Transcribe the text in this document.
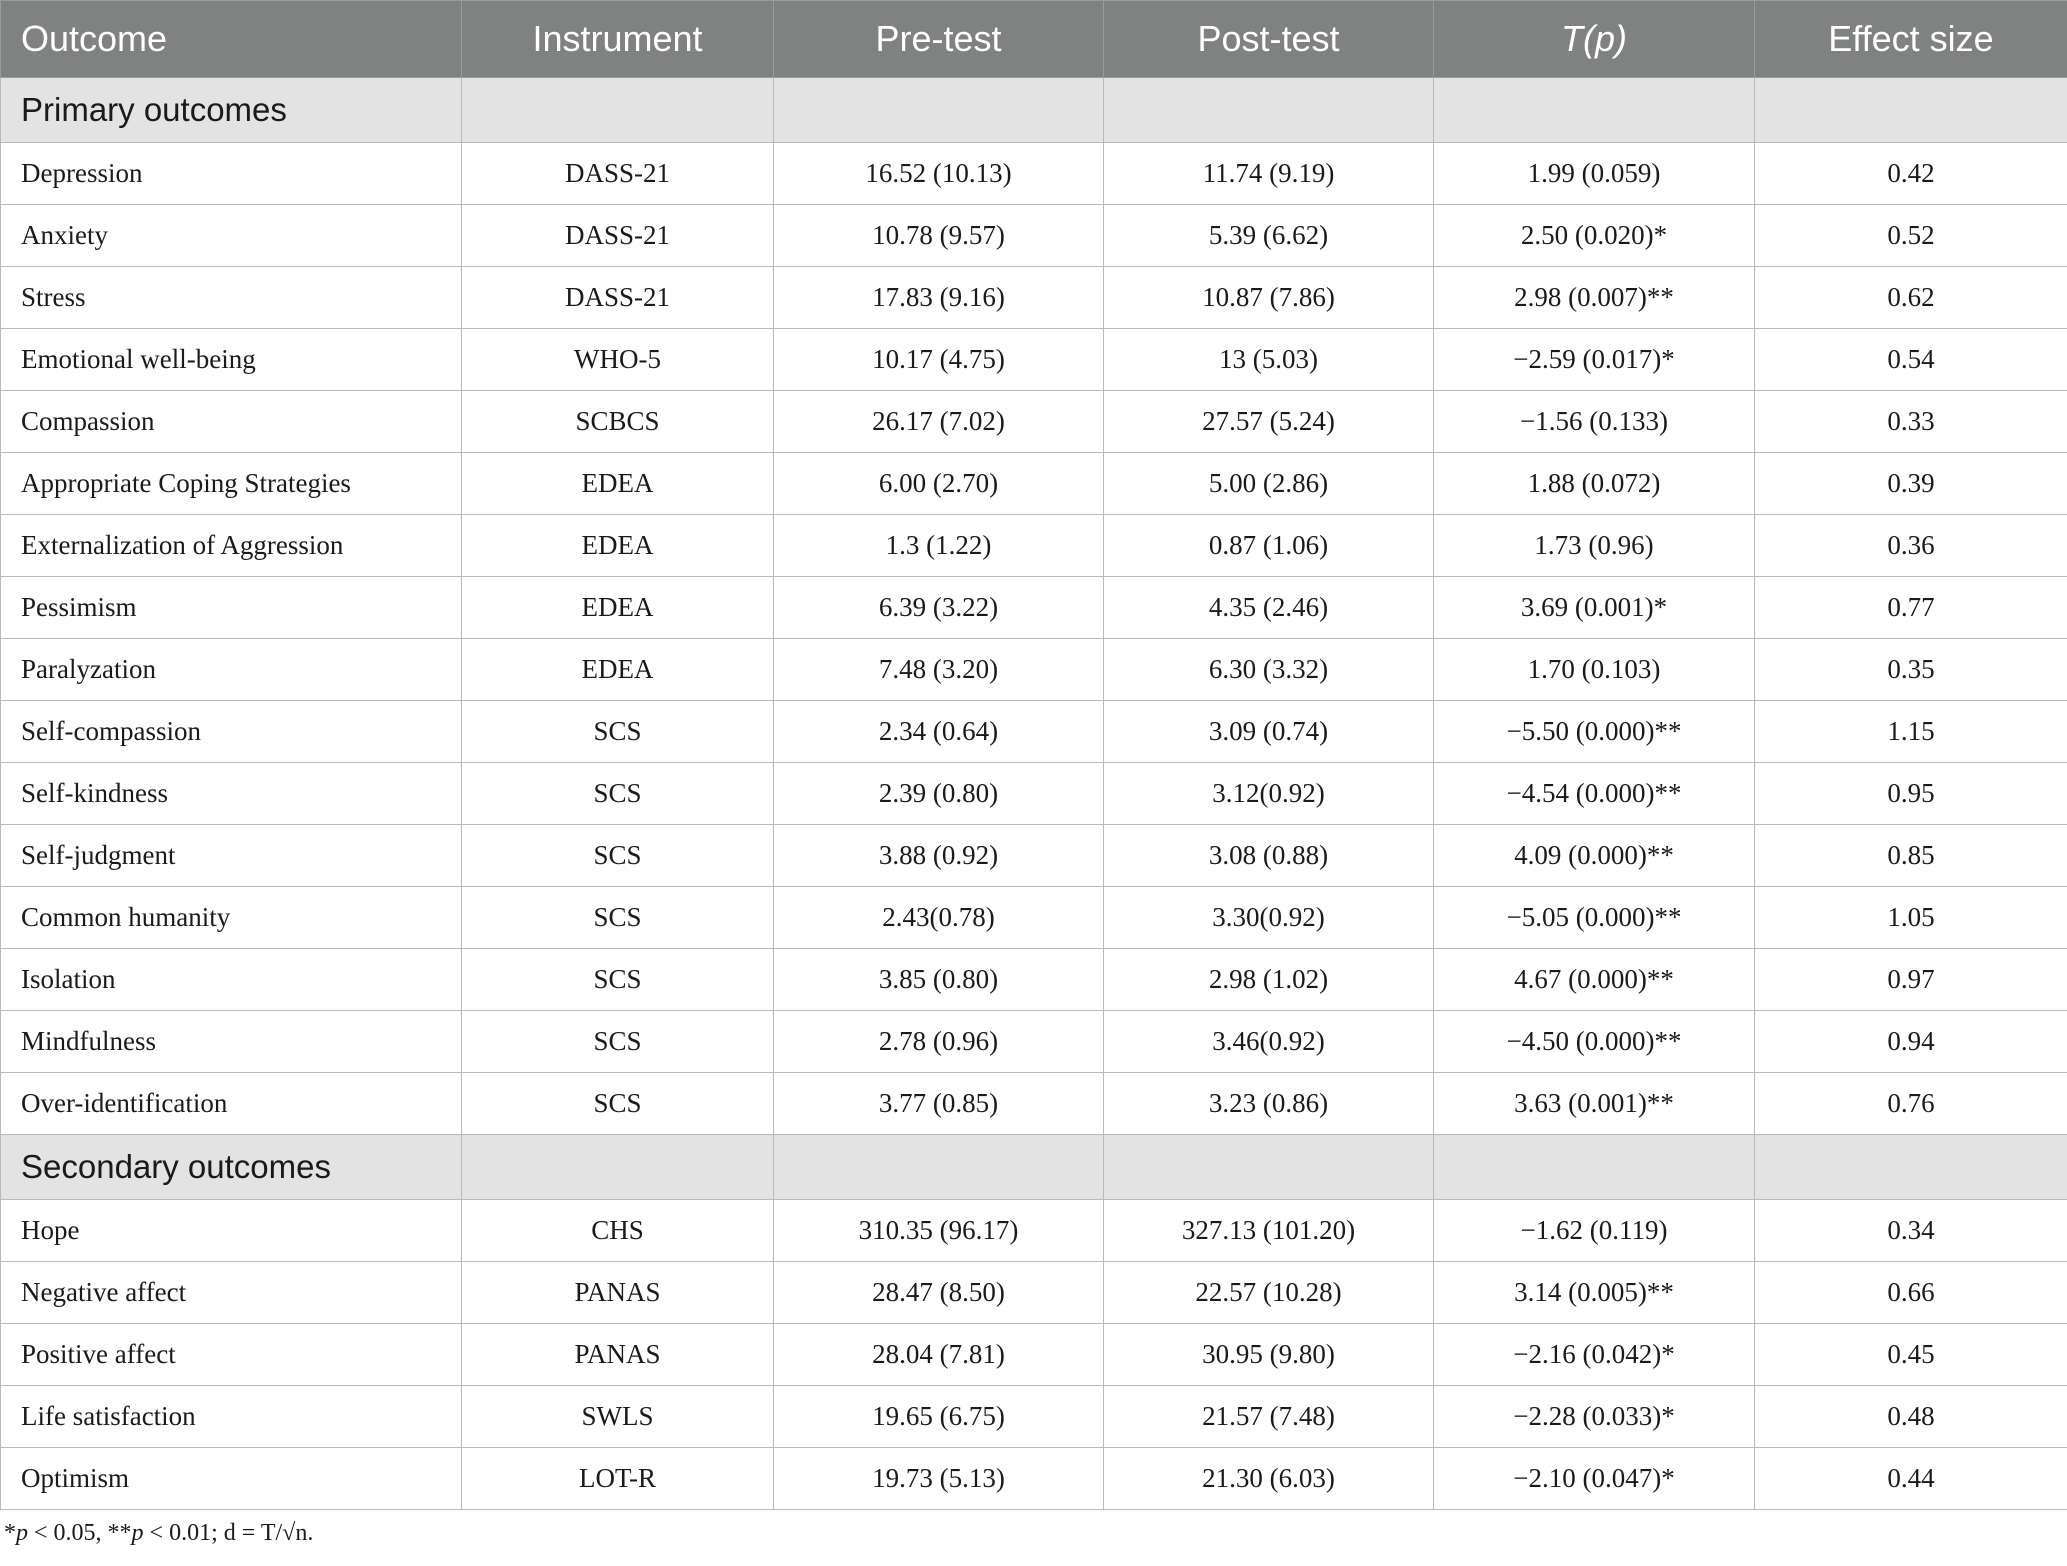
Outcome	Instrument	Pre-test	Post-test	T(p)	Effect size
Primary outcomes					
Depression	DASS-21	16.52 (10.13)	11.74 (9.19)	1.99 (0.059)	0.42
Anxiety	DASS-21	10.78 (9.57)	5.39 (6.62)	2.50 (0.020)*	0.52
Stress	DASS-21	17.83 (9.16)	10.87 (7.86)	2.98 (0.007)**	0.62
Emotional well-being	WHO-5	10.17 (4.75)	13 (5.03)	−2.59 (0.017)*	0.54
Compassion	SCBCS	26.17 (7.02)	27.57 (5.24)	−1.56 (0.133)	0.33
Appropriate Coping Strategies	EDEA	6.00 (2.70)	5.00 (2.86)	1.88 (0.072)	0.39
Externalization of Aggression	EDEA	1.3 (1.22)	0.87 (1.06)	1.73 (0.96)	0.36
Pessimism	EDEA	6.39 (3.22)	4.35 (2.46)	3.69 (0.001)*	0.77
Paralyzation	EDEA	7.48 (3.20)	6.30 (3.32)	1.70 (0.103)	0.35
Self-compassion	SCS	2.34 (0.64)	3.09 (0.74)	−5.50 (0.000)**	1.15
Self-kindness	SCS	2.39 (0.80)	3.12(0.92)	−4.54 (0.000)**	0.95
Self-judgment	SCS	3.88 (0.92)	3.08 (0.88)	4.09 (0.000)**	0.85
Common humanity	SCS	2.43(0.78)	3.30(0.92)	−5.05 (0.000)**	1.05
Isolation	SCS	3.85 (0.80)	2.98 (1.02)	4.67 (0.000)**	0.97
Mindfulness	SCS	2.78 (0.96)	3.46(0.92)	−4.50 (0.000)**	0.94
Over-identification	SCS	3.77 (0.85)	3.23 (0.86)	3.63 (0.001)**	0.76
Secondary outcomes					
Hope	CHS	310.35 (96.17)	327.13 (101.20)	−1.62 (0.119)	0.34
Negative affect	PANAS	28.47 (8.50)	22.57 (10.28)	3.14 (0.005)**	0.66
Positive affect	PANAS	28.04 (7.81)	30.95 (9.80)	−2.16 (0.042)*	0.45
Life satisfaction	SWLS	19.65 (6.75)	21.57 (7.48)	−2.28 (0.033)*	0.48
Optimism	LOT-R	19.73 (5.13)	21.30 (6.03)	−2.10 (0.047)*	0.44
*p < 0.05, **p < 0.01; d = T/√n.
